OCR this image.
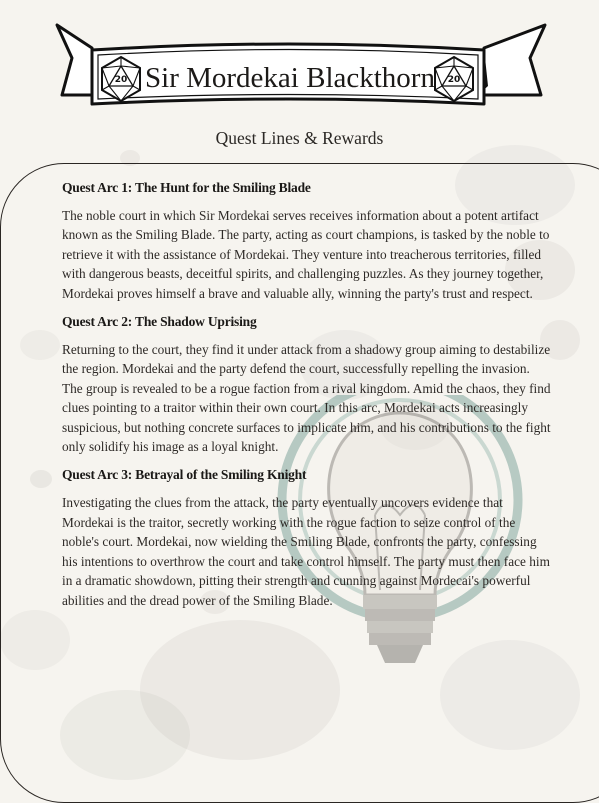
20	20
Sir Mordekai Blackthorn
Quest Lines & Rewards
Quest Arc 1: The Hunt for the Smiling Blade

The noble court in which Sir Mordekai serves receives information about a potent artifact known as the Smiling Blade. The party, acting as court champions, is tasked by the noble to retrieve it with the assistance of Mordekai. They venture into treacherous territories, filled with dangerous beasts, deceitful spirits, and challenging puzzles. As they journey together, Mordekai proves himself a brave and valuable ally, winning the party's trust and respect.

Quest Arc 2: The Shadow Uprising

Returning to the court, they find it under attack from a shadowy group aiming to destabilize the region. Mordekai and the party defend the court, successfully repelling the invasion. The group is revealed to be a rogue faction from a rival kingdom. Amid the chaos, they find clues pointing to a traitor within their own court. In this arc, Mordekai acts increasingly suspicious, but nothing concrete surfaces to implicate him, and his contributions to the fight only solidify his image as a loyal knight.

Quest Arc 3: Betrayal of the Smiling Knight

Investigating the clues from the attack, the party eventually uncovers evidence that Mordekai is the traitor, secretly working with the rogue faction to seize control of the noble's court. Mordekai, now wielding the Smiling Blade, confronts the party, confessing his intentions to overthrow the court and take control himself. The party must then face him in a dramatic showdown, pitting their strength and cunning against Mordecai's powerful abilities and the dread power of the Smiling Blade.
